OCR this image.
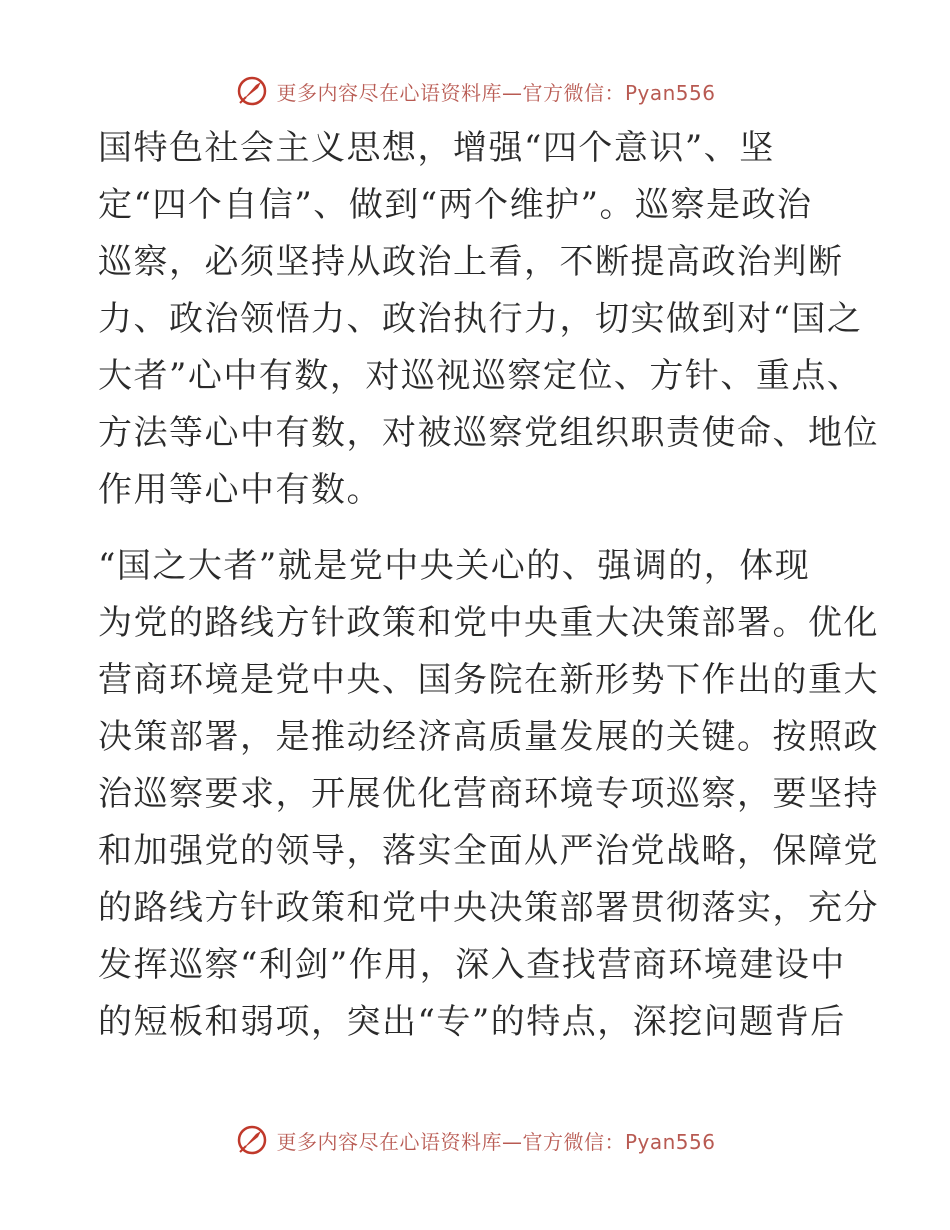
更多内容尽在心语资料库—官方微信：Pyan556
国特色社会主义思想，增强“四个意识”、坚
定“四个自信”、做到“两个维护”。巡察是政治
巡察，必须坚持从政治上看，不断提高政治判断
力、政治领悟力、政治执行力，切实做到对“国之
大者”心中有数，对巡视巡察定位、方针、重点、
方法等心中有数，对被巡察党组织职责使命、地位
作用等心中有数。
“国之大者”就是党中央关心的、强调的，体现
为党的路线方针政策和党中央重大决策部署。优化
营商环境是党中央、国务院在新形势下作出的重大
决策部署，是推动经济高质量发展的关键。按照政
治巡察要求，开展优化营商环境专项巡察，要坚持
和加强党的领导，落实全面从严治党战略，保障党
的路线方针政策和党中央决策部署贯彻落实，充分
发挥巡察“利剑”作用，深入查找营商环境建设中
的短板和弱项，突出“专”的特点，深挖问题背后
更多内容尽在心语资料库—官方微信：Pyan556
